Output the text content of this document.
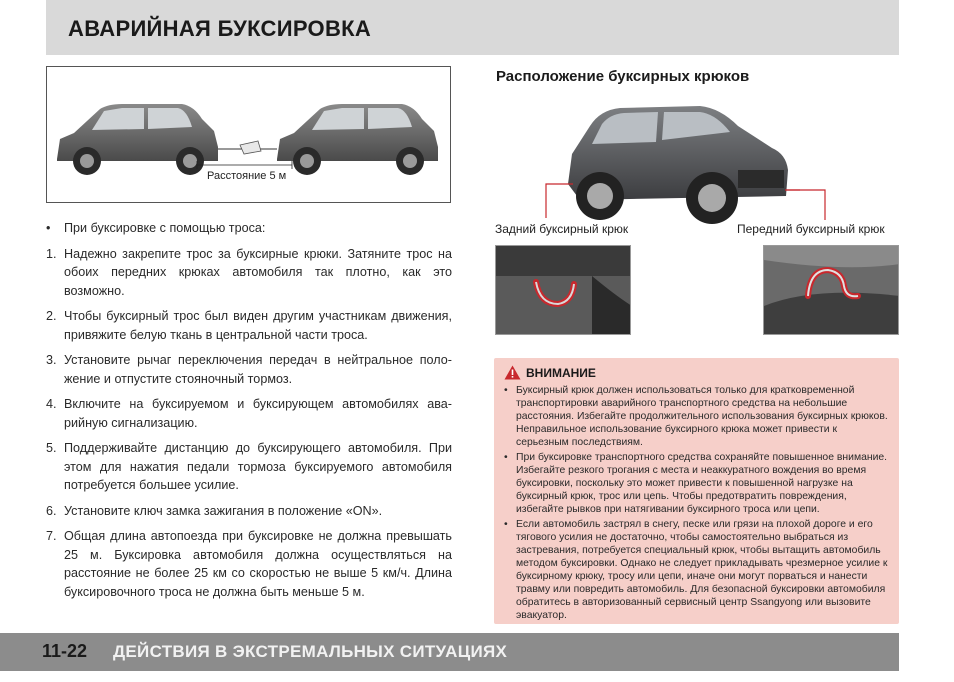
АВАРИЙНАЯ БУКСИРОВКА
Расстояние 5 м
•	При буксировке с помощью троса:
1. Надежно закрепите трос за буксирные крюки. Затяните трос на обоих передних крюках автомобиля так плотно, как это возможно.
2. Чтобы буксирный трос был виден другим участникам движения, привяжите белую ткань в центральной части троса.
3. Установите рычаг переключения передач в нейтральное положение и отпустите стояночный тормоз.
4. Включите на буксируемом и буксирующем автомобилях аварийную сигнализацию.
5. Поддерживайте дистанцию до буксирующего автомобиля. При этом для нажатия педали тормоза буксируемого автомобиля потребуется большее усилие.
6. Установите ключ замка зажигания в положение «ON».
7. Общая длина автопоезда при буксировке не должна превышать 25 м. Буксировка автомобиля должна осуществляться на расстояние не более 25 км со скоростью не выше 5 км/ч. Длина буксировочного троса не должна быть меньше 5 м.
Расположение буксирных крюков
Задний буксирный крюк	Передний буксирный крюк
ВНИМАНИЕ
• Буксирный крюк должен использоваться только для кратковременной транспортировки аварийного транспортного средства на небольшие расстояния. Избегайте продолжительного использования буксирных крюков. Неправильное использование буксирного крюка может привести к серьезным последствиям.
• При буксировке транспортного средства сохраняйте повышенное внимание. Избегайте резкого трогания с места и неаккуратного вождения во время буксировки, поскольку это может привести к повышенной нагрузке на буксирный крюк, трос или цепь. Чтобы предотвратить повреждения, избегайте рывков при натягивании буксирного троса или цепи.
• Если автомобиль застрял в снегу, песке или грязи на плохой дороге и его тягового усилия не достаточно, чтобы самостоятельно выбраться из застревания, потребуется специальный крюк, чтобы вытащить автомобиль методом буксировки. Однако не следует прикладывать чрезмерное усилие к буксирному крюку, тросу или цепи, иначе они могут порваться и нанести травму или повредить автомобиль. Для безопасной буксировки автомобиля обратитесь в авторизованный сервисный центр Ssangyong или вызовите эвакуатор.
11-22 ДЕЙСТВИЯ В ЭКСТРЕМАЛЬНЫХ СИТУАЦИЯХ
